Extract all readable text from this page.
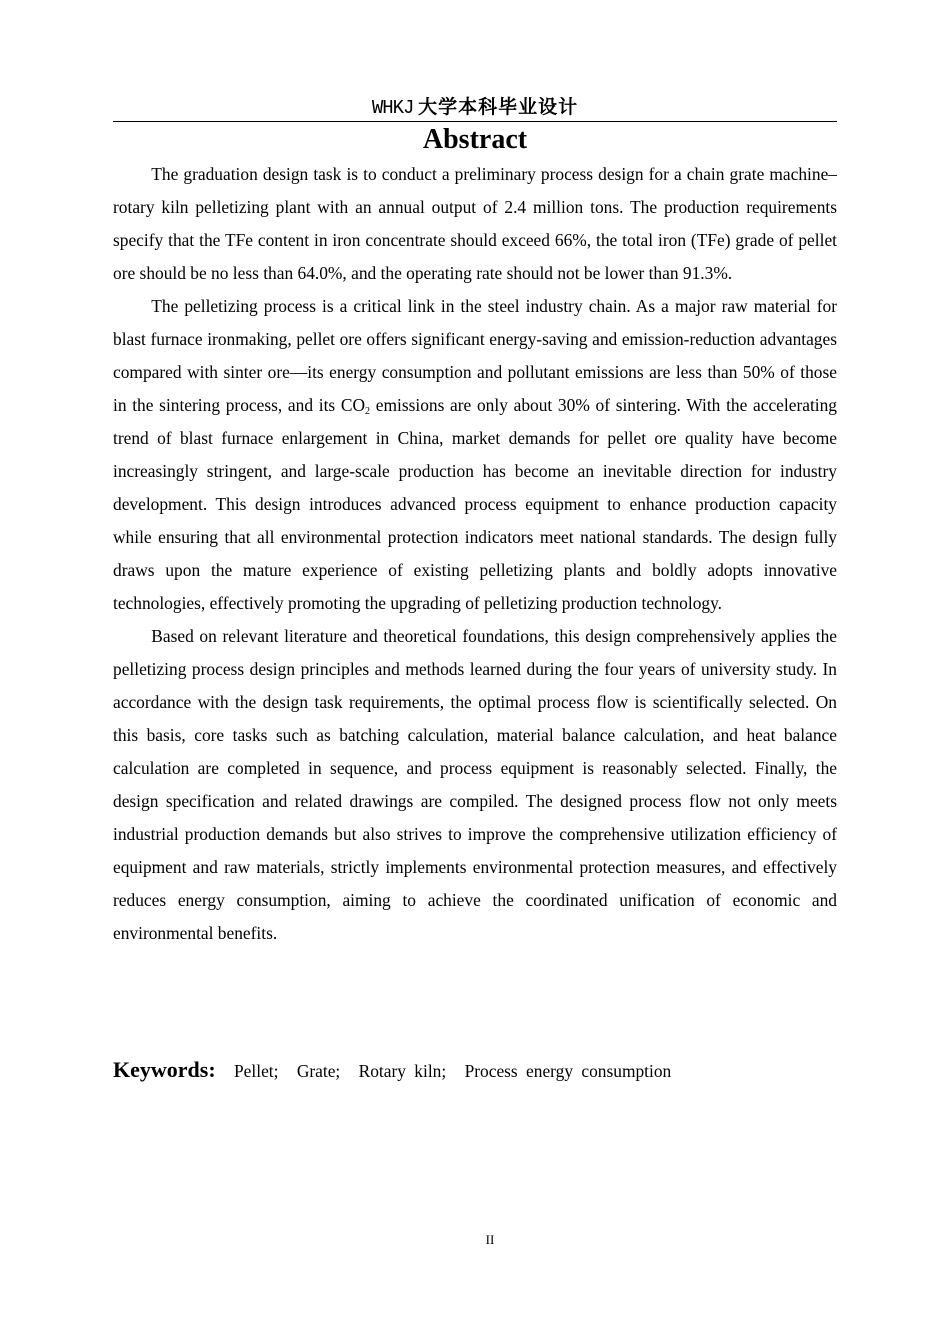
WHKJ 大学本科毕业设计
Abstract

The graduation design task is to conduct a preliminary process design for a chain grate machine–rotary kiln pelletizing plant with an annual output of 2.4 million tons. The production requirements specify that the TFe content in iron concentrate should exceed 66%, the total iron (TFe) grade of pellet ore should be no less than 64.0%, and the operating rate should not be lower than 91.3%.

The pelletizing process is a critical link in the steel industry chain. As a major raw material for blast furnace ironmaking, pellet ore offers significant energy-saving and emission-reduction advantages compared with sinter ore—its energy consumption and pollutant emissions are less than 50% of those in the sintering process, and its $CO_2$ emissions are only about 30% of sintering. With the accelerating trend of blast furnace enlargement in China, market demands for pellet ore quality have become increasingly stringent, and large-scale production has become an inevitable direction for industry development. This design introduces advanced process equipment to enhance production capacity while ensuring that all environmental protection indicators meet national standards. The design fully draws upon the mature experience of existing pelletizing plants and boldly adopts innovative technologies, effectively promoting the upgrading of pelletizing production technology.

Based on relevant literature and theoretical foundations, this design comprehensively applies the pelletizing process design principles and methods learned during the four years of university study. In accordance with the design task requirements, the optimal process flow is scientifically selected. On this basis, core tasks such as batching calculation, material balance calculation, and heat balance calculation are completed in sequence, and process equipment is reasonably selected. Finally, the design specification and related drawings are compiled. The designed process flow not only meets industrial production demands but also strives to improve the comprehensive utilization efficiency of equipment and raw materials, strictly implements environmental protection measures, and effectively reduces energy consumption, aiming to achieve the coordinated unification of economic and environmental benefits.

Keywords: Pellet; Grate; Rotary kiln; Process energy consumption
II
